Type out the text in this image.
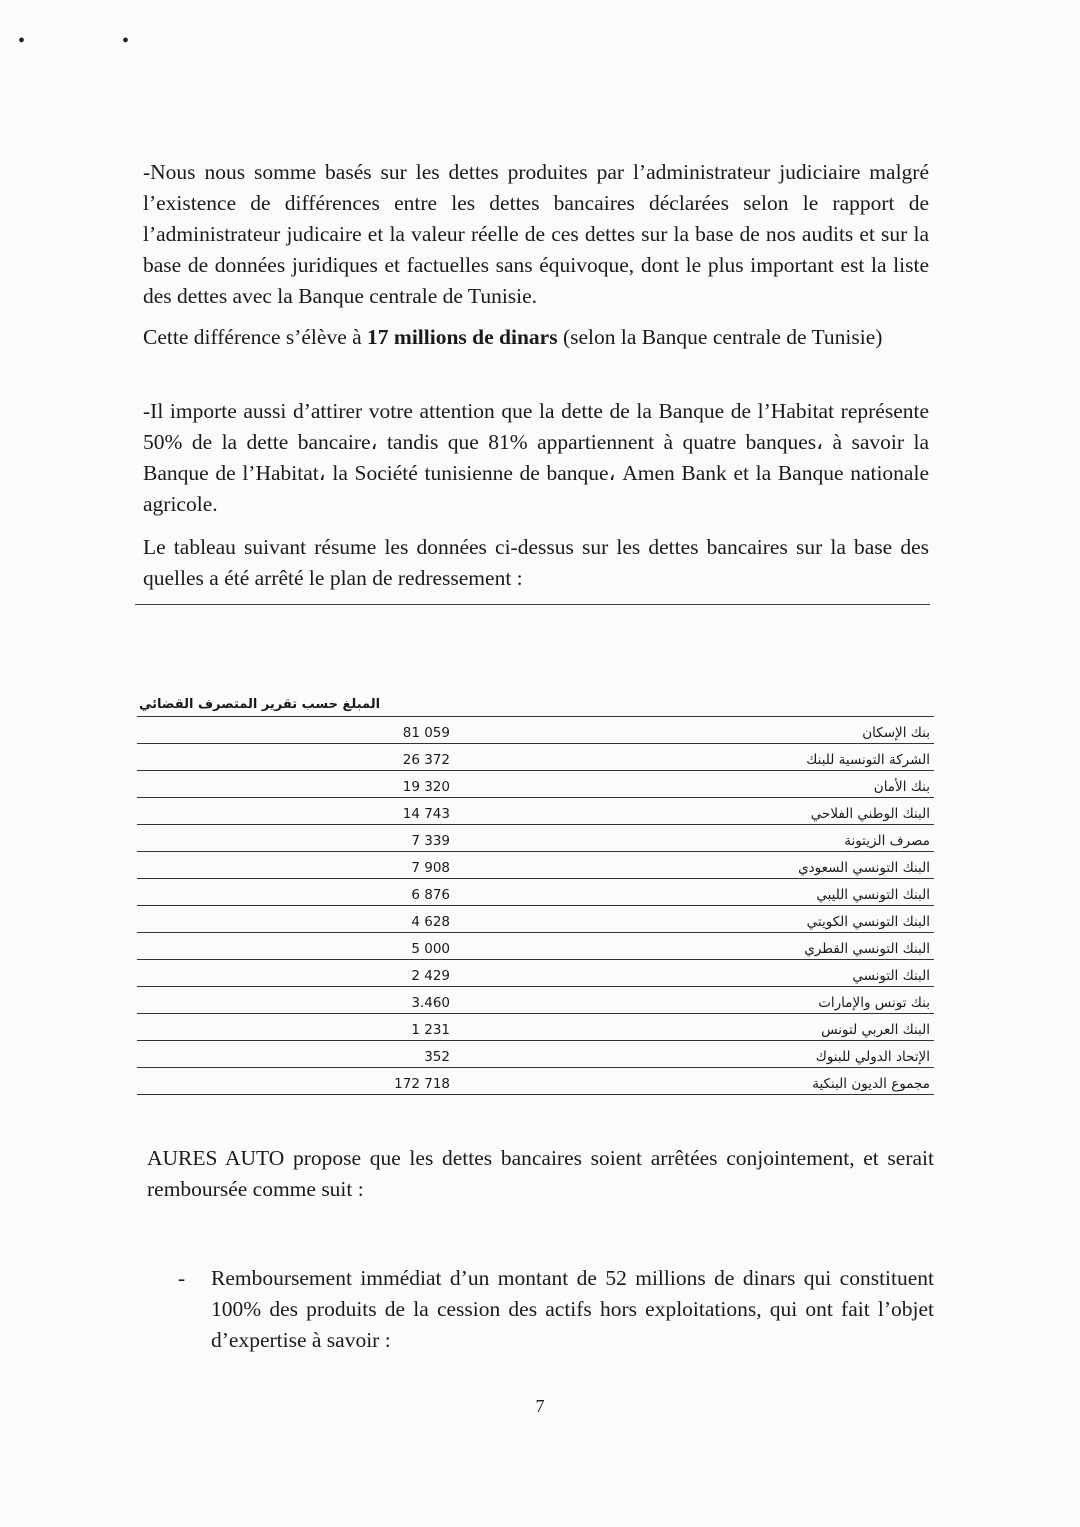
• •

-Nous nous somme basés sur les dettes produites par l’administrateur judiciaire malgré l’existence de différences entre les dettes bancaires déclarées selon le rapport de l’administrateur judicaire et la valeur réelle de ces dettes sur la base de nos audits et sur la base de données juridiques et factuelles sans équivoque, dont le plus important est la liste des dettes avec la Banque centrale de Tunisie.

Cette différence s’élève à 17 millions de dinars (selon la Banque centrale de Tunisie)

-Il importe aussi d’attirer votre attention que la dette de la Banque de l’Habitat représente 50% de la dette bancaire، tandis que 81% appartiennent à quatre banques، à savoir la Banque de l’Habitat، la Société tunisienne de banque، Amen Bank et la Banque nationale agricole.

Le tableau suivant résume les données ci-dessus sur les dettes bancaires sur la base des quelles a été arrêté le plan de redressement :

المبلغ حسب تقرير المتصرف القضائي
81 059	بنك الإسكان
26 372	الشركة التونسية للبنك
19 320	بنك الأمان
14 743	البنك الوطني الفلاحي
7 339	مصرف الزيتونة
7 908	البنك التونسي السعودي
6 876	البنك التونسي الليبي
4 628	البنك التونسي الكويتي
5 000	البنك التونسي القطري
2 429	البنك التونسي
3.460	بنك تونس والإمارات
1 231	البنك العربي لتونس
352	الإتحاد الدولي للبنوك
172 718	مجموع الديون البنكية

AURES AUTO propose que les dettes bancaires soient arrêtées conjointement, et serait remboursée comme suit :

- Remboursement immédiat d’un montant de 52 millions de dinars qui constituent 100% des produits de la cession des actifs hors exploitations, qui ont fait l’objet d’expertise à savoir :

7
